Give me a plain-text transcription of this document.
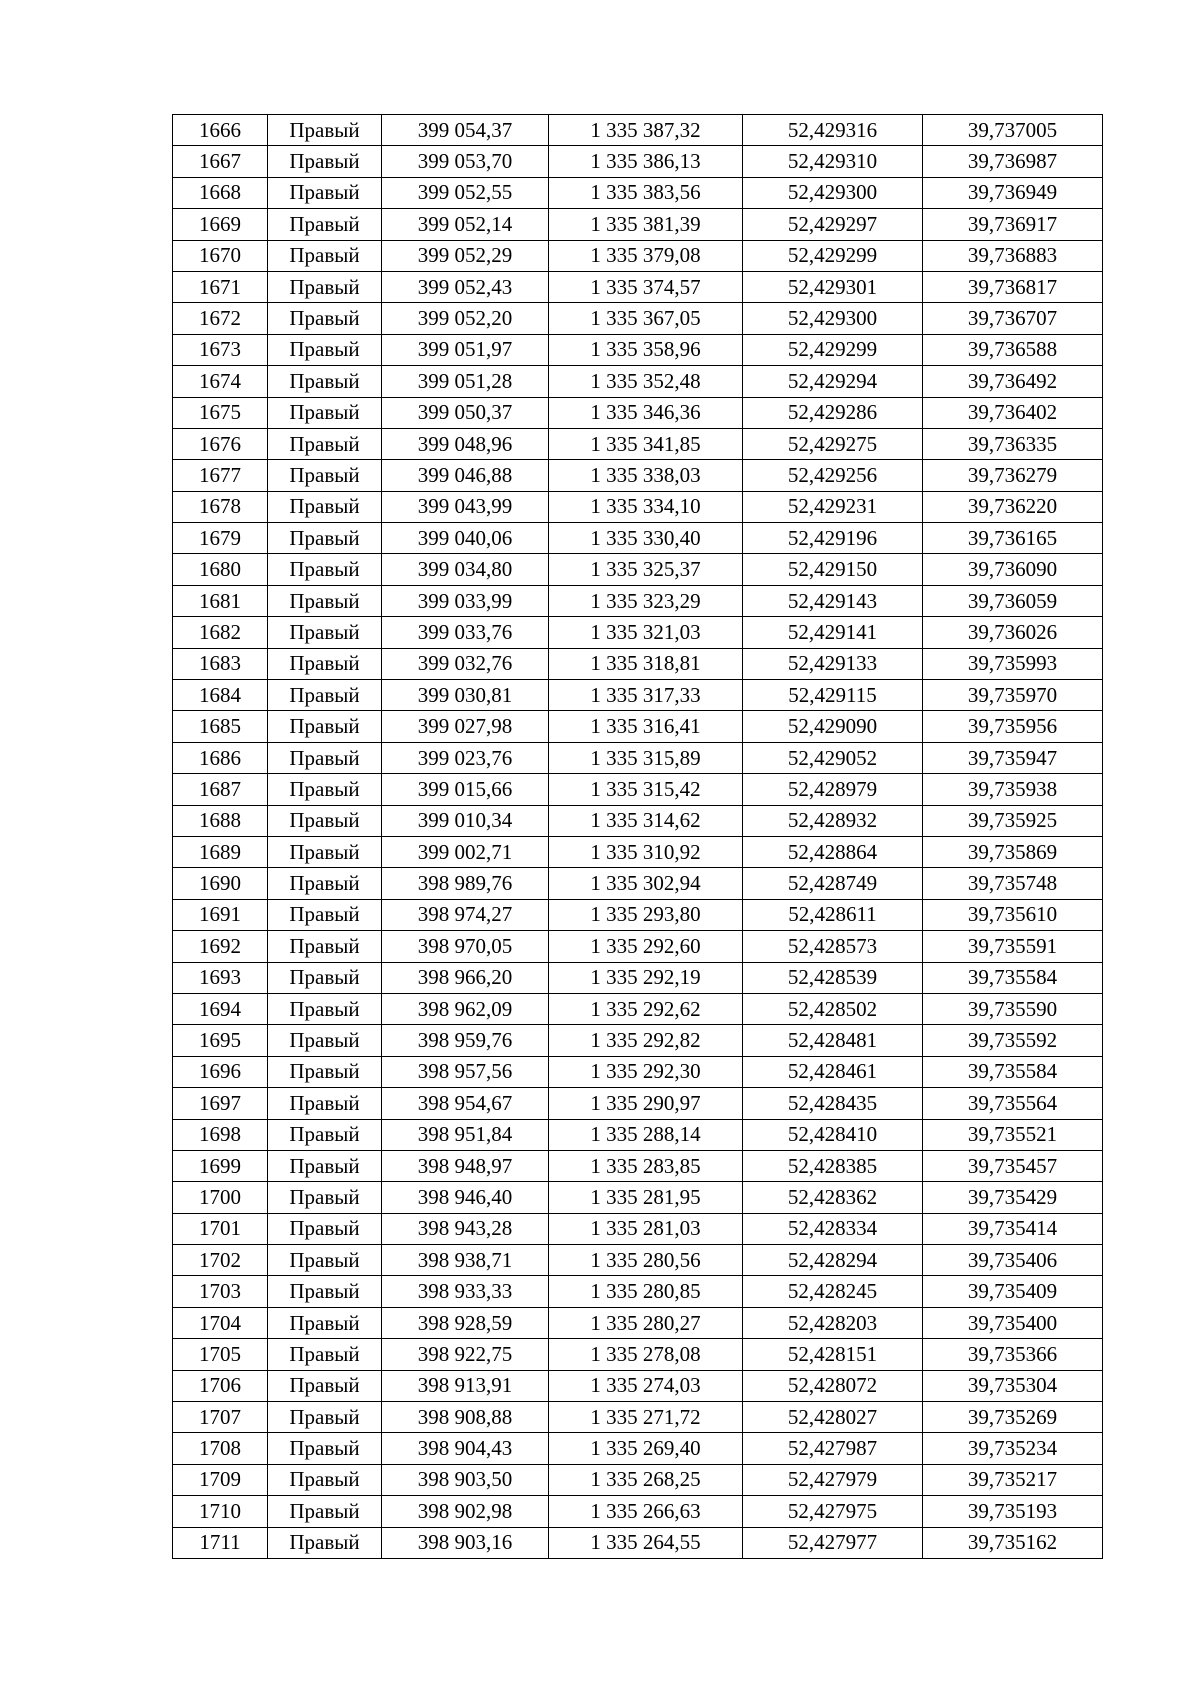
1666	Правый	399 054,37	1 335 387,32	52,429316	39,737005
1667	Правый	399 053,70	1 335 386,13	52,429310	39,736987
1668	Правый	399 052,55	1 335 383,56	52,429300	39,736949
1669	Правый	399 052,14	1 335 381,39	52,429297	39,736917
1670	Правый	399 052,29	1 335 379,08	52,429299	39,736883
1671	Правый	399 052,43	1 335 374,57	52,429301	39,736817
1672	Правый	399 052,20	1 335 367,05	52,429300	39,736707
1673	Правый	399 051,97	1 335 358,96	52,429299	39,736588
1674	Правый	399 051,28	1 335 352,48	52,429294	39,736492
1675	Правый	399 050,37	1 335 346,36	52,429286	39,736402
1676	Правый	399 048,96	1 335 341,85	52,429275	39,736335
1677	Правый	399 046,88	1 335 338,03	52,429256	39,736279
1678	Правый	399 043,99	1 335 334,10	52,429231	39,736220
1679	Правый	399 040,06	1 335 330,40	52,429196	39,736165
1680	Правый	399 034,80	1 335 325,37	52,429150	39,736090
1681	Правый	399 033,99	1 335 323,29	52,429143	39,736059
1682	Правый	399 033,76	1 335 321,03	52,429141	39,736026
1683	Правый	399 032,76	1 335 318,81	52,429133	39,735993
1684	Правый	399 030,81	1 335 317,33	52,429115	39,735970
1685	Правый	399 027,98	1 335 316,41	52,429090	39,735956
1686	Правый	399 023,76	1 335 315,89	52,429052	39,735947
1687	Правый	399 015,66	1 335 315,42	52,428979	39,735938
1688	Правый	399 010,34	1 335 314,62	52,428932	39,735925
1689	Правый	399 002,71	1 335 310,92	52,428864	39,735869
1690	Правый	398 989,76	1 335 302,94	52,428749	39,735748
1691	Правый	398 974,27	1 335 293,80	52,428611	39,735610
1692	Правый	398 970,05	1 335 292,60	52,428573	39,735591
1693	Правый	398 966,20	1 335 292,19	52,428539	39,735584
1694	Правый	398 962,09	1 335 292,62	52,428502	39,735590
1695	Правый	398 959,76	1 335 292,82	52,428481	39,735592
1696	Правый	398 957,56	1 335 292,30	52,428461	39,735584
1697	Правый	398 954,67	1 335 290,97	52,428435	39,735564
1698	Правый	398 951,84	1 335 288,14	52,428410	39,735521
1699	Правый	398 948,97	1 335 283,85	52,428385	39,735457
1700	Правый	398 946,40	1 335 281,95	52,428362	39,735429
1701	Правый	398 943,28	1 335 281,03	52,428334	39,735414
1702	Правый	398 938,71	1 335 280,56	52,428294	39,735406
1703	Правый	398 933,33	1 335 280,85	52,428245	39,735409
1704	Правый	398 928,59	1 335 280,27	52,428203	39,735400
1705	Правый	398 922,75	1 335 278,08	52,428151	39,735366
1706	Правый	398 913,91	1 335 274,03	52,428072	39,735304
1707	Правый	398 908,88	1 335 271,72	52,428027	39,735269
1708	Правый	398 904,43	1 335 269,40	52,427987	39,735234
1709	Правый	398 903,50	1 335 268,25	52,427979	39,735217
1710	Правый	398 902,98	1 335 266,63	52,427975	39,735193
1711	Правый	398 903,16	1 335 264,55	52,427977	39,735162
